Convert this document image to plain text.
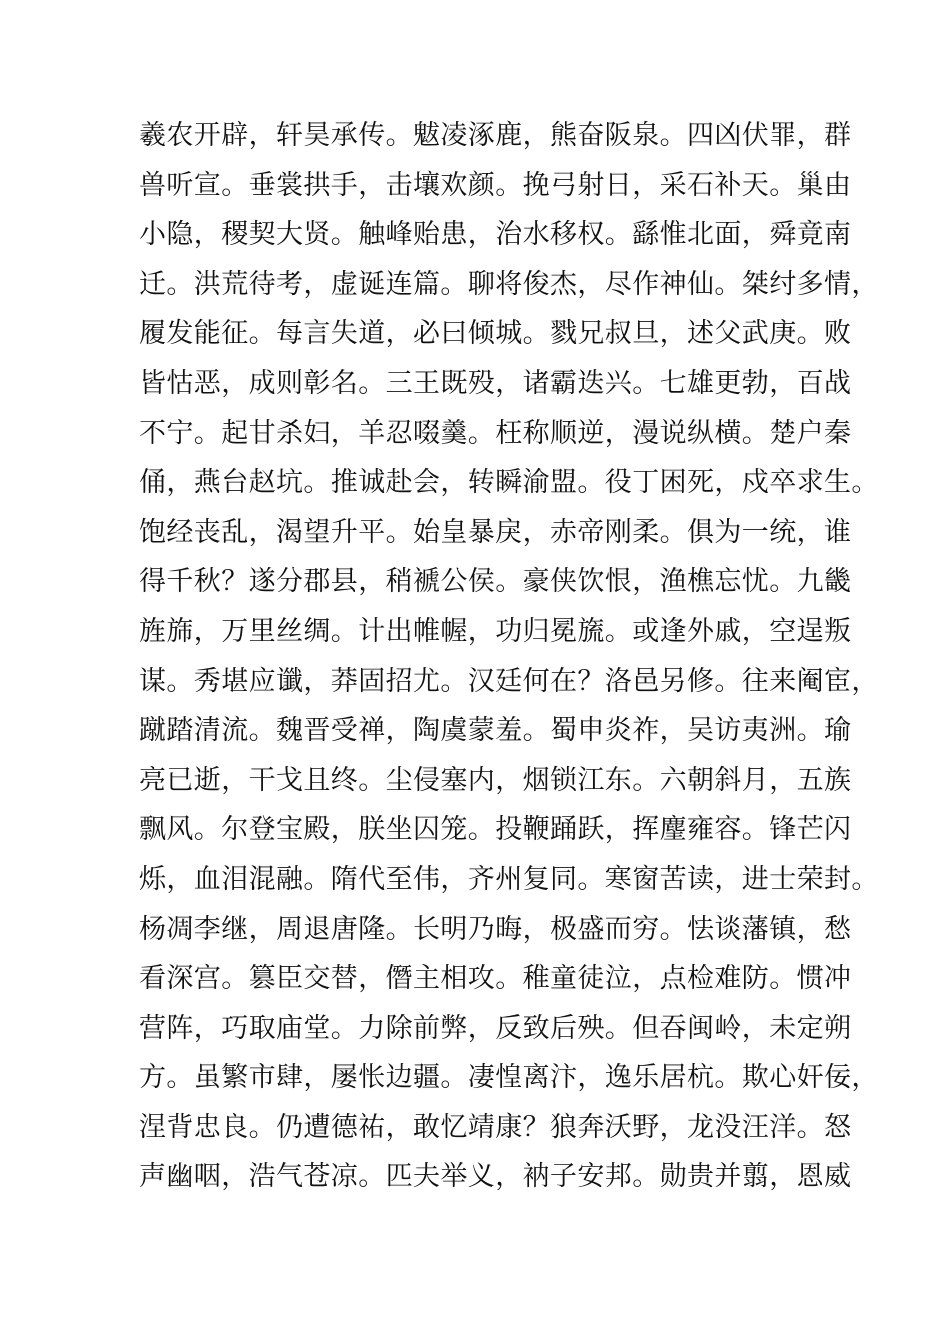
羲农开辟，轩昊承传。魃凌涿鹿，熊奋阪泉。四凶伏罪，群
兽听宣。垂裳拱手，击壤欢颜。挽弓射日，采石补天。巢由
小隐，稷契大贤。触峰贻患，治水移权。繇惟北面，舜竟南
迁。洪荒待考，虚诞连篇。聊将俊杰，尽作神仙。桀纣多情，
履发能征。每言失道，必曰倾城。戮兄叔旦，述父武庚。败
皆怙恶，成则彰名。三王既殁，诸霸迭兴。七雄更勃，百战
不宁。起甘杀妇，羊忍啜羹。枉称顺逆，漫说纵横。楚户秦
俑，燕台赵坑。推诚赴会，转瞬渝盟。役丁困死，戍卒求生。
饱经丧乱，渴望升平。始皇暴戾，赤帝刚柔。俱为一统，谁
得千秋？遂分郡县，稍褫公侯。豪侠饮恨，渔樵忘忧。九畿
旌旆，万里丝绸。计出帷幄，功归冕旒。或逢外戚，空逞叛
谋。秀堪应谶，莽固招尤。汉廷何在？洛邑另修。往来阉宦，
蹴踏清流。魏晋受禅，陶虞蒙羞。蜀申炎祚，吴访夷洲。瑜
亮已逝，干戈且终。尘侵塞内，烟锁江东。六朝斜月，五族
飘风。尔登宝殿，朕坐囚笼。投鞭踊跃，挥麈雍容。锋芒闪
烁，血泪混融。隋代至伟，齐州复同。寒窗苦读，进士荣封。
杨凋李继，周退唐隆。长明乃晦，极盛而穷。怯谈藩镇，愁
看深宫。篡臣交替，僭主相攻。稚童徒泣，点检难防。惯冲
营阵，巧取庙堂。力除前弊，反致后殃。但吞闽岭，未定朔
方。虽繁市肆，屡怅边疆。凄惶离汴，逸乐居杭。欺心奸佞，
涅背忠良。仍遭德祐，敢忆靖康？狼奔沃野，龙没汪洋。怒
声幽咽，浩气苍凉。匹夫举义，衲子安邦。勋贵并翦，恩威
